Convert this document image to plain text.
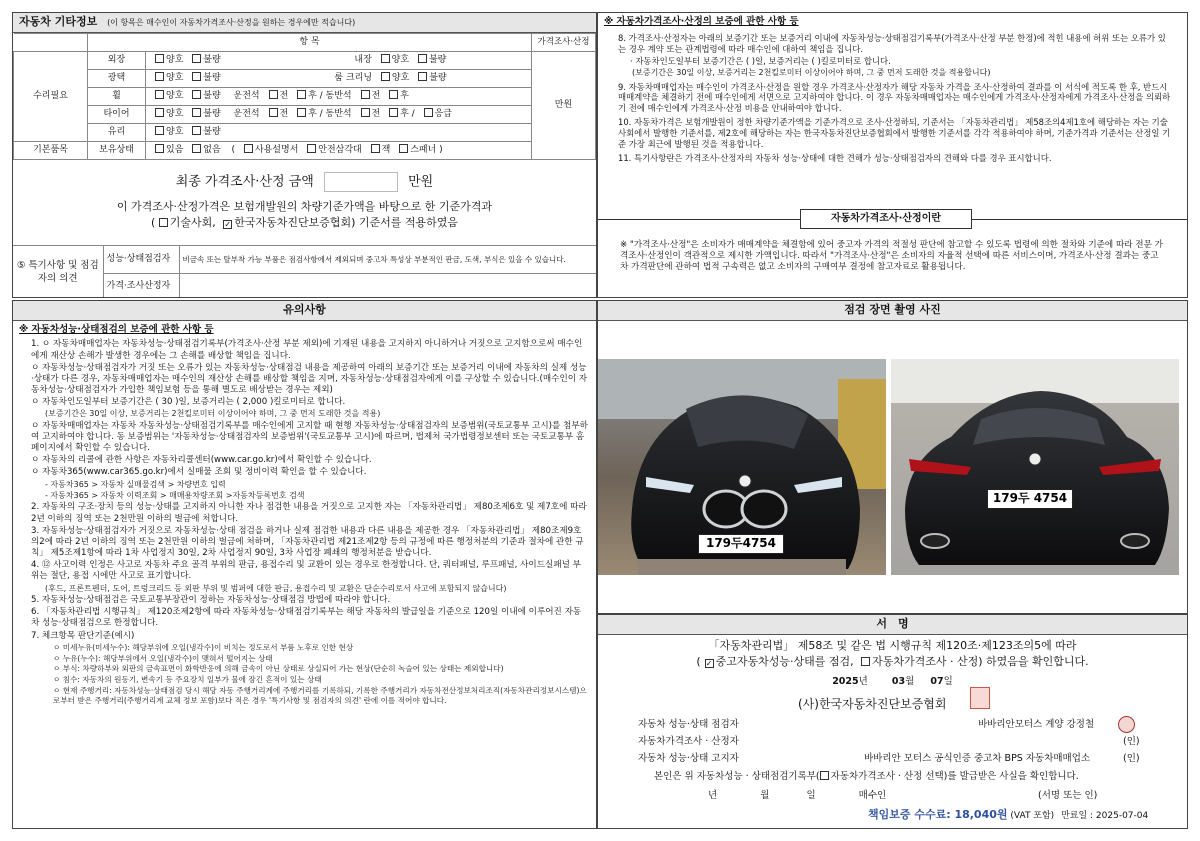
자동차 기타정보 (이 항목은 매수인이 자동차가격조사·산정을 원하는 경우에만 적습니다)
	항 목		가격조사·산정
수리필요	외장	양호 불량 내장 양호 불량	만원
	광택	양호 불량 룸 크리닝 양호 불량	
	휠	양호 불량 운전석 전 후 / 동반석 전 후	
	타이어	양호 불량 운전석 전 후 / 동반석 전 후 / 응급	
	유리	양호 불량	
기본품목	보유상태	있음 없음 ( 사용설명서 안전삼각대 잭 스패너 )	
최종 가격조사·산정 금액	만원
이 가격조사·산정가격은 보험개발원의 차량기준가액을 바탕으로 한 기준가격과
( 기술사회, ✓ 한국자동차진단보증협회) 기준서를 적용하였음
⑤ 특기사항 및 점검자의 의견	성능·상태점검자	비금속 또는 탈부착 가능 부품은 점검사항에서 제외되며 중고차 특성상 부분적인 판금, 도색, 부식은 있을 수 있습니다.
	가격·조사산정자	
※ 자동차가격조사·산정의 보증에 관한 사항 등

8. 가격조사·산정자는 아래의 보증기간 또는 보증거리 이내에 자동차성능·상태점검기록부(가격조사·산정 부분 한정)에 적힌 내용에 허위 또는 오류가 있는 경우 계약 또는 관계법령에 따라 매수인에 대하여 책임을 집니다.

· 자동차인도일부터 보증기간은 ( )일, 보증거리는 ( )킬로미터로 합니다.

(보증기간은 30일 이상, 보증거리는 2천킬로미터 이상이어야 하며, 그 중 먼저 도래한 것을 적용합니다)

9. 자동차매매업자는 매수인이 가격조사·산정을 원할 경우 가격조사·산정자가 해당 자동차 가격을 조사·산정하여 결과를 이 서식에 적도록 한 후, 반드시 매매계약을 체결하기 전에 매수인에게 서면으로 고지하여야 합니다. 이 경우 자동차매매업자는 매수인에게 가격조사·산정자에게 가격조사·산정을 의뢰하기 전에 매수인에게 가격조사·산정 비용을 안내하여야 합니다.

10. 자동차가격은 보험개발원이 정한 차량기준가액을 기준가격으로 조사·산정하되, 기준서는 「자동차관리법」 제58조의4제1호에 해당하는 자는 기술사회에서 발행한 기준서를, 제2호에 해당하는 자는 한국자동차진단보증협회에서 발행한 기준서를 각각 적용하여야 하며, 기준가격과 기준서는 산정일 기준 가장 최근에 발행된 것을 적용합니다.

11. 특기사항란은 가격조사·산정자의 자동차 성능·상태에 대한 견해가 성능·상태점검자의 견해와 다를 경우 표시합니다.

자동차가격조사·산정이란
※ "가격조사·산정"은 소비자가 매매계약을 체결함에 있어 중고자 가격의 적절성 판단에 참고할 수 있도록 법령에 의한 절차와 기준에 따라 전문 가격조사·산정인이 객관적으로 제시한 가액입니다. 따라서 "가격조사·산정"은 소비자의 자율적 선택에 따른 서비스이며, 가격조사·산정 결과는 중고차 가격판단에 관하여 법적 구속력은 없고 소비자의 구매여부 결정에 참고자료로 활용됩니다.
유의사항
※ 자동차성능·상태점검의 보증에 관한 사항 등

1. ㅇ 자동차매매업자는 자동차성능·상태점검기록부(가격조사·산정 부분 제외)에 기재된 내용을 고지하지 아니하거나 거짓으로 고지함으로써 매수인에게 재산상 손해가 발생한 경우에는 그 손해를 배상할 책임을 집니다.

ㅇ 자동차성능·상태점검자가 거짓 또는 오류가 있는 자동차성능·상태점검 내용을 제공하여 아래의 보증기간 또는 보증거리 이내에 자동차의 실제 성능·상태가 다른 경우, 자동차매매업자는 매수인의 재산상 손해를 배상할 책임을 지며, 자동차성능·상태점검자에게 이를 구상할 수 있습니다.(매수인이 자동차성능·상태점검자가 가입한 책임보험 등을 통해 별도로 배상받는 경우는 제외)

ㅇ 자동차인도일부터 보증기간은 ( 30 )일, 보증거리는 ( 2,000 )킬로미터로 합니다.

(보증기간은 30일 이상, 보증거리는 2천킬로미터 이상이어야 하며, 그 중 먼저 도래한 것을 적용)

ㅇ 자동차매매업자는 자동차 자동차성능·상태점검기록부를 매수인에게 고지할 때 현행 자동차성능·상태점검자의 보증범위(국토교통부 고시)를 첨부하여 고지하여야 합니다. 동 보증범위는 '자동차성능·상태점검자의 보증범위'(국토교통부 고시)에 따르며, 법제처 국가법령정보센터 또는 국토교통부 홈페이지에서 확인할 수 있습니다.

ㅇ 자동차의 리콜에 관한 사항은 자동차리콜센터(www.car.go.kr)에서 확인할 수 있습니다.

ㅇ 자동차365(www.car365.go.kr)에서 실매물 조회 및 정비이력 확인을 할 수 있습니다.

- 자동차365 > 자동차 실매물검색 > 차량번호 입력

- 자동차365 > 자동차 이력조회 > 매매용차량조회 >자동차등록번호 검색

2. 자동차의 구조·장치 등의 성능·상태를 고지하지 아니한 자나 점검한 내용을 거짓으로 고지한 자는 「자동차관리법」 제80조제6호 및 제7호에 따라 2년 이하의 징역 또는 2천만원 이하의 벌금에 처합니다.

3. 자동차성능·상태점검자가 거짓으로 자동차성능·상태 점검을 하거나 실제 점검한 내용과 다른 내용을 제공한 경우 「자동차관리법」 제80조제9호의2에 따라 2년 이하의 징역 또는 2천만원 이하의 벌금에 처하며, 「자동차관리법 제21조제2항 등의 규정에 따른 행정처분의 기준과 절차에 관한 규칙」 제5조제1항에 따라 1차 사업정지 30일, 2차 사업정지 90일, 3차 사업장 폐쇄의 행정처분을 받습니다.

4. ⑫ 사고이력 인정은 사고로 자동차 주요 골격 부위의 판금, 용접수리 및 교환이 있는 경우로 한정합니다. 단, 쿼터패널, 루프패널, 사이드실패널 부위는 절단, 용접 시에만 사고로 표기합니다.

(후드, 프론트펜더, 도어, 트렁크리드 등 외판 부위 및 범퍼에 대한 판금, 용접수리 및 교환은 단순수리로서 사고에 포함되지 않습니다)

5. 자동차성능·상태점검은 국토교통부장관이 정하는 자동차성능·상태점검 방법에 따라야 합니다.

6. 「자동차관리법 시행규칙」 제120조제2항에 따라 자동차성능·상태점검기록부는 해당 자동차의 발급일을 기준으로 120일 이내에 이루어진 자동차 성능·상태점검으로 한정합니다.

7. 체크항목 판단기준(예시)

ㅇ 미세누유(미세누수): 해당부위에 오일(냉각수)이 비치는 정도로서 부품 노후로 인한 현상

ㅇ 누유(누수): 해당부위에서 오일(냉각수)이 맺혀서 떨어지는 상태

ㅇ 부식: 차량하부와 외판의 금속표면이 화학반응에 의해 금속이 아닌 상태로 상실되어 가는 현상(단순히 녹슬어 있는 상태는 제외합니다)

ㅇ 침수: 자동차의 원동기, 변속기 등 주요장치 일부가 물에 잠긴 흔적이 있는 상태

ㅇ 현재 주행거리: 자동차성능·상태점검 당시 해당 자동 주행거리계에 주행거리를 기록하되, 기록한 주행거리가 자동차전산정보처리조직(자동차관리정보시스템)으로부터 받은 주행거리(주행거리계 교체 정보 포함)보다 적은 경우 '특기사항 및 점검자의 의견' 란에 이를 적어야 합니다.

점검 장면 촬영 사진
179두4754
179두 4754
서　명
「자동차관리법」 제58조 및 같은 법 시행규칙 제120조·제123조의5에 따라
( ✓ 중고자동차성능·상태를 점검, 자동차가격조사 · 산정) 하였음을 확인합니다.
2025년	03월 07일
(사)한국자동차진단보증협회
자동차 성능·상태 점검자	바바리안모터스 계양 강정철
자동차가격조사 · 산정자	(인)
자동차 성능·상태 고지자	바바리안 모터스 공식인증 중고차 BPS 자동차매매업소	(인)
본인은 위 자동차성능 · 상태점검기록부( 자동차가격조사 · 산정 선택)를 발급받은 사실을 확인합니다.
년	월	일	매수인	(서명 또는 인)
책임보증 수수료: 18,040원 (VAT 포함) 만료일 : 2025-07-04
